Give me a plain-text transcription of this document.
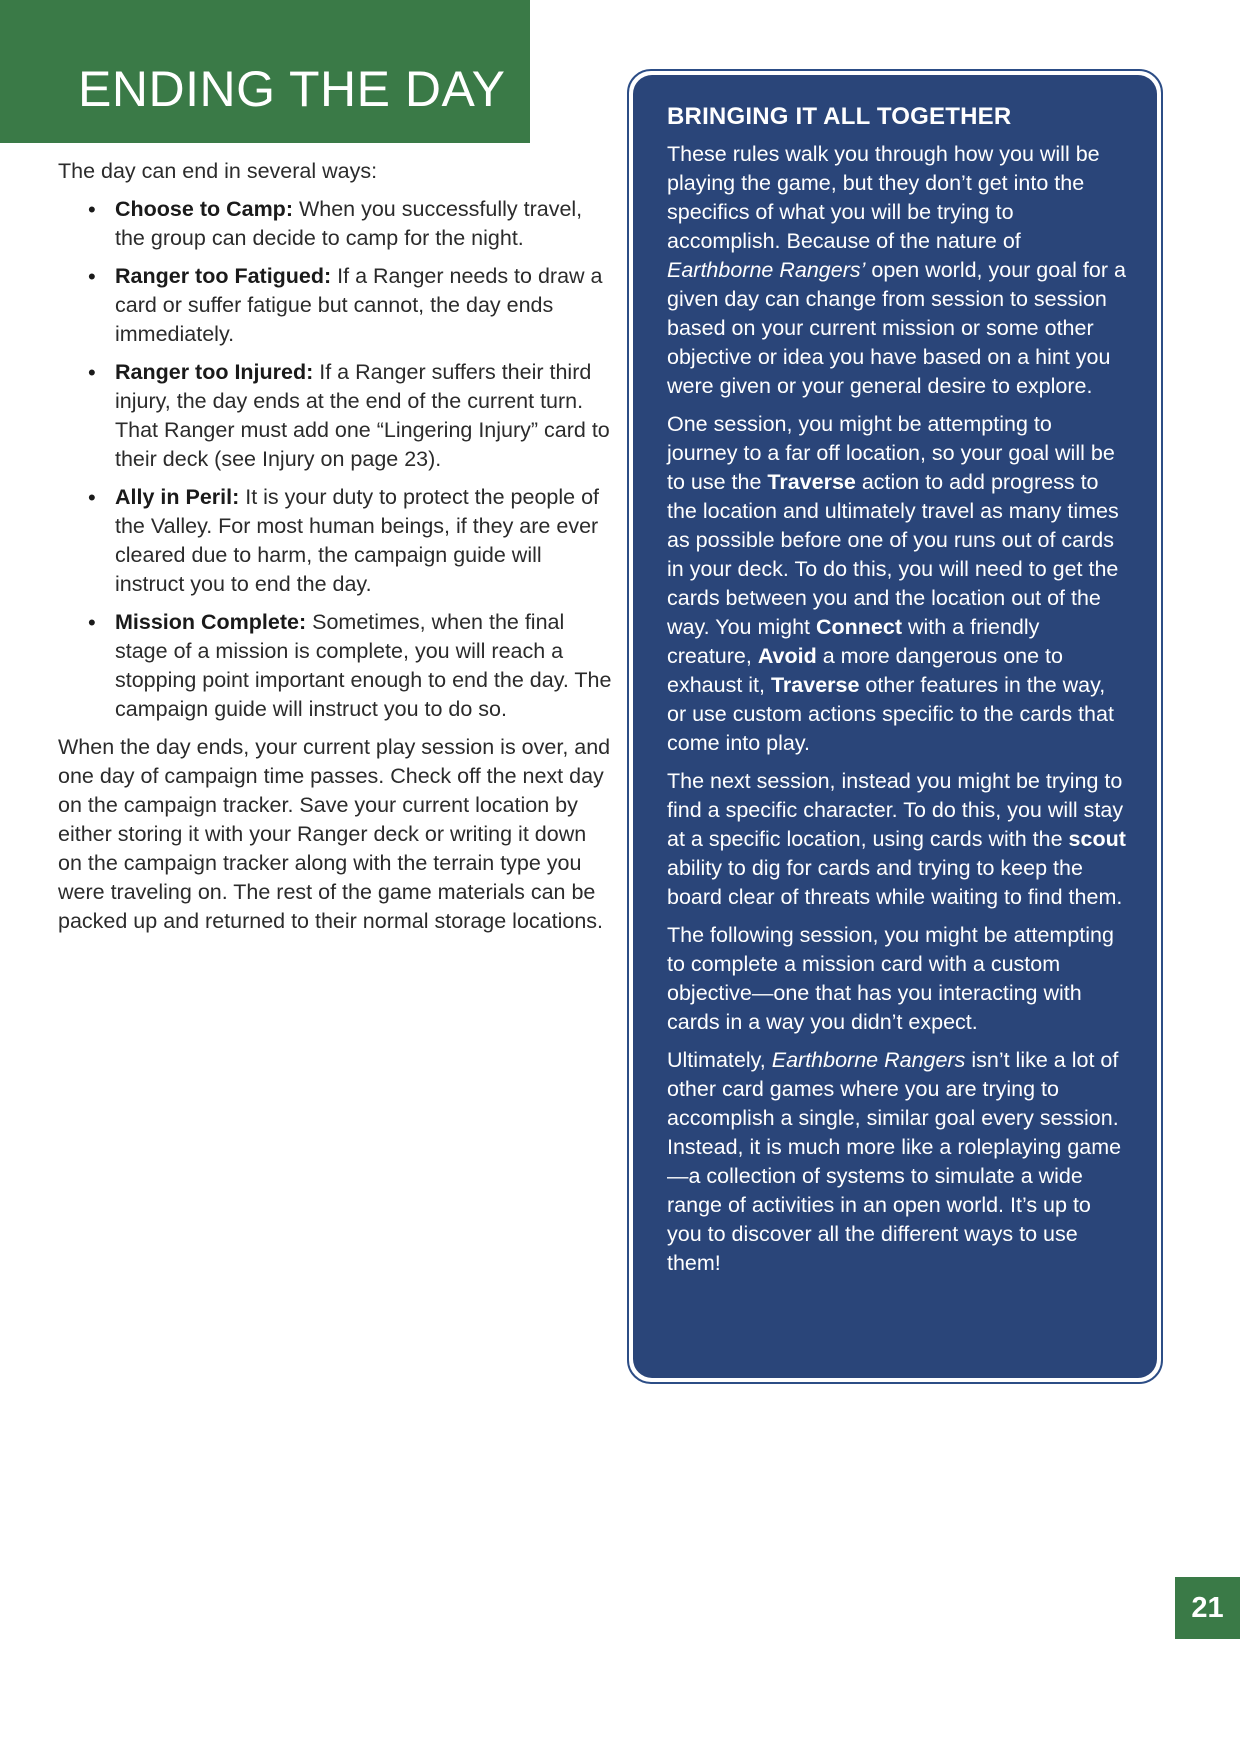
ENDING THE DAY

The day can end in several ways:

• Choose to Camp: When you successfully travel, the group can decide to camp for the night.
• Ranger too Fatigued: If a Ranger needs to draw a card or suffer fatigue but cannot, the day ends immediately.
• Ranger too Injured: If a Ranger suffers their third injury, the day ends at the end of the current turn. That Ranger must add one “Lingering Injury” card to their deck (see Injury on page 23).
• Ally in Peril: It is your duty to protect the people of the Valley. For most human beings, if they are ever cleared due to harm, the campaign guide will instruct you to end the day.
• Mission Complete: Sometimes, when the final stage of a mission is complete, you will reach a stopping point important enough to end the day. The campaign guide will instruct you to do so.

When the day ends, your current play session is over, and one day of campaign time passes. Check off the next day on the campaign tracker. Save your current location by either storing it with your Ranger deck or writing it down on the campaign tracker along with the terrain type you were traveling on. The rest of the game materials can be packed up and returned to their normal storage locations.

BRINGING IT ALL TOGETHER

These rules walk you through how you will be playing the game, but they don’t get into the specifics of what you will be trying to accomplish. Because of the nature of Earthborne Rangers’ open world, your goal for a given day can change from session to session based on your current mission or some other objective or idea you have based on a hint you were given or your general desire to explore.

One session, you might be attempting to journey to a far off location, so your goal will be to use the Traverse action to add progress to the location and ultimately travel as many times as possible before one of you runs out of cards in your deck. To do this, you will need to get the cards between you and the location out of the way. You might Connect with a friendly creature, Avoid a more dangerous one to exhaust it, Traverse other features in the way, or use custom actions specific to the cards that come into play.

The next session, instead you might be trying to find a specific character. To do this, you will stay at a specific location, using cards with the scout ability to dig for cards and trying to keep the board clear of threats while waiting to find them.

The following session, you might be attempting to complete a mission card with a custom objective—one that has you interacting with cards in a way you didn’t expect.

Ultimately, Earthborne Rangers isn’t like a lot of other card games where you are trying to accomplish a single, similar goal every session. Instead, it is much more like a roleplaying game—a collection of systems to simulate a wide range of activities in an open world. It’s up to you to discover all the different ways to use them!

21
